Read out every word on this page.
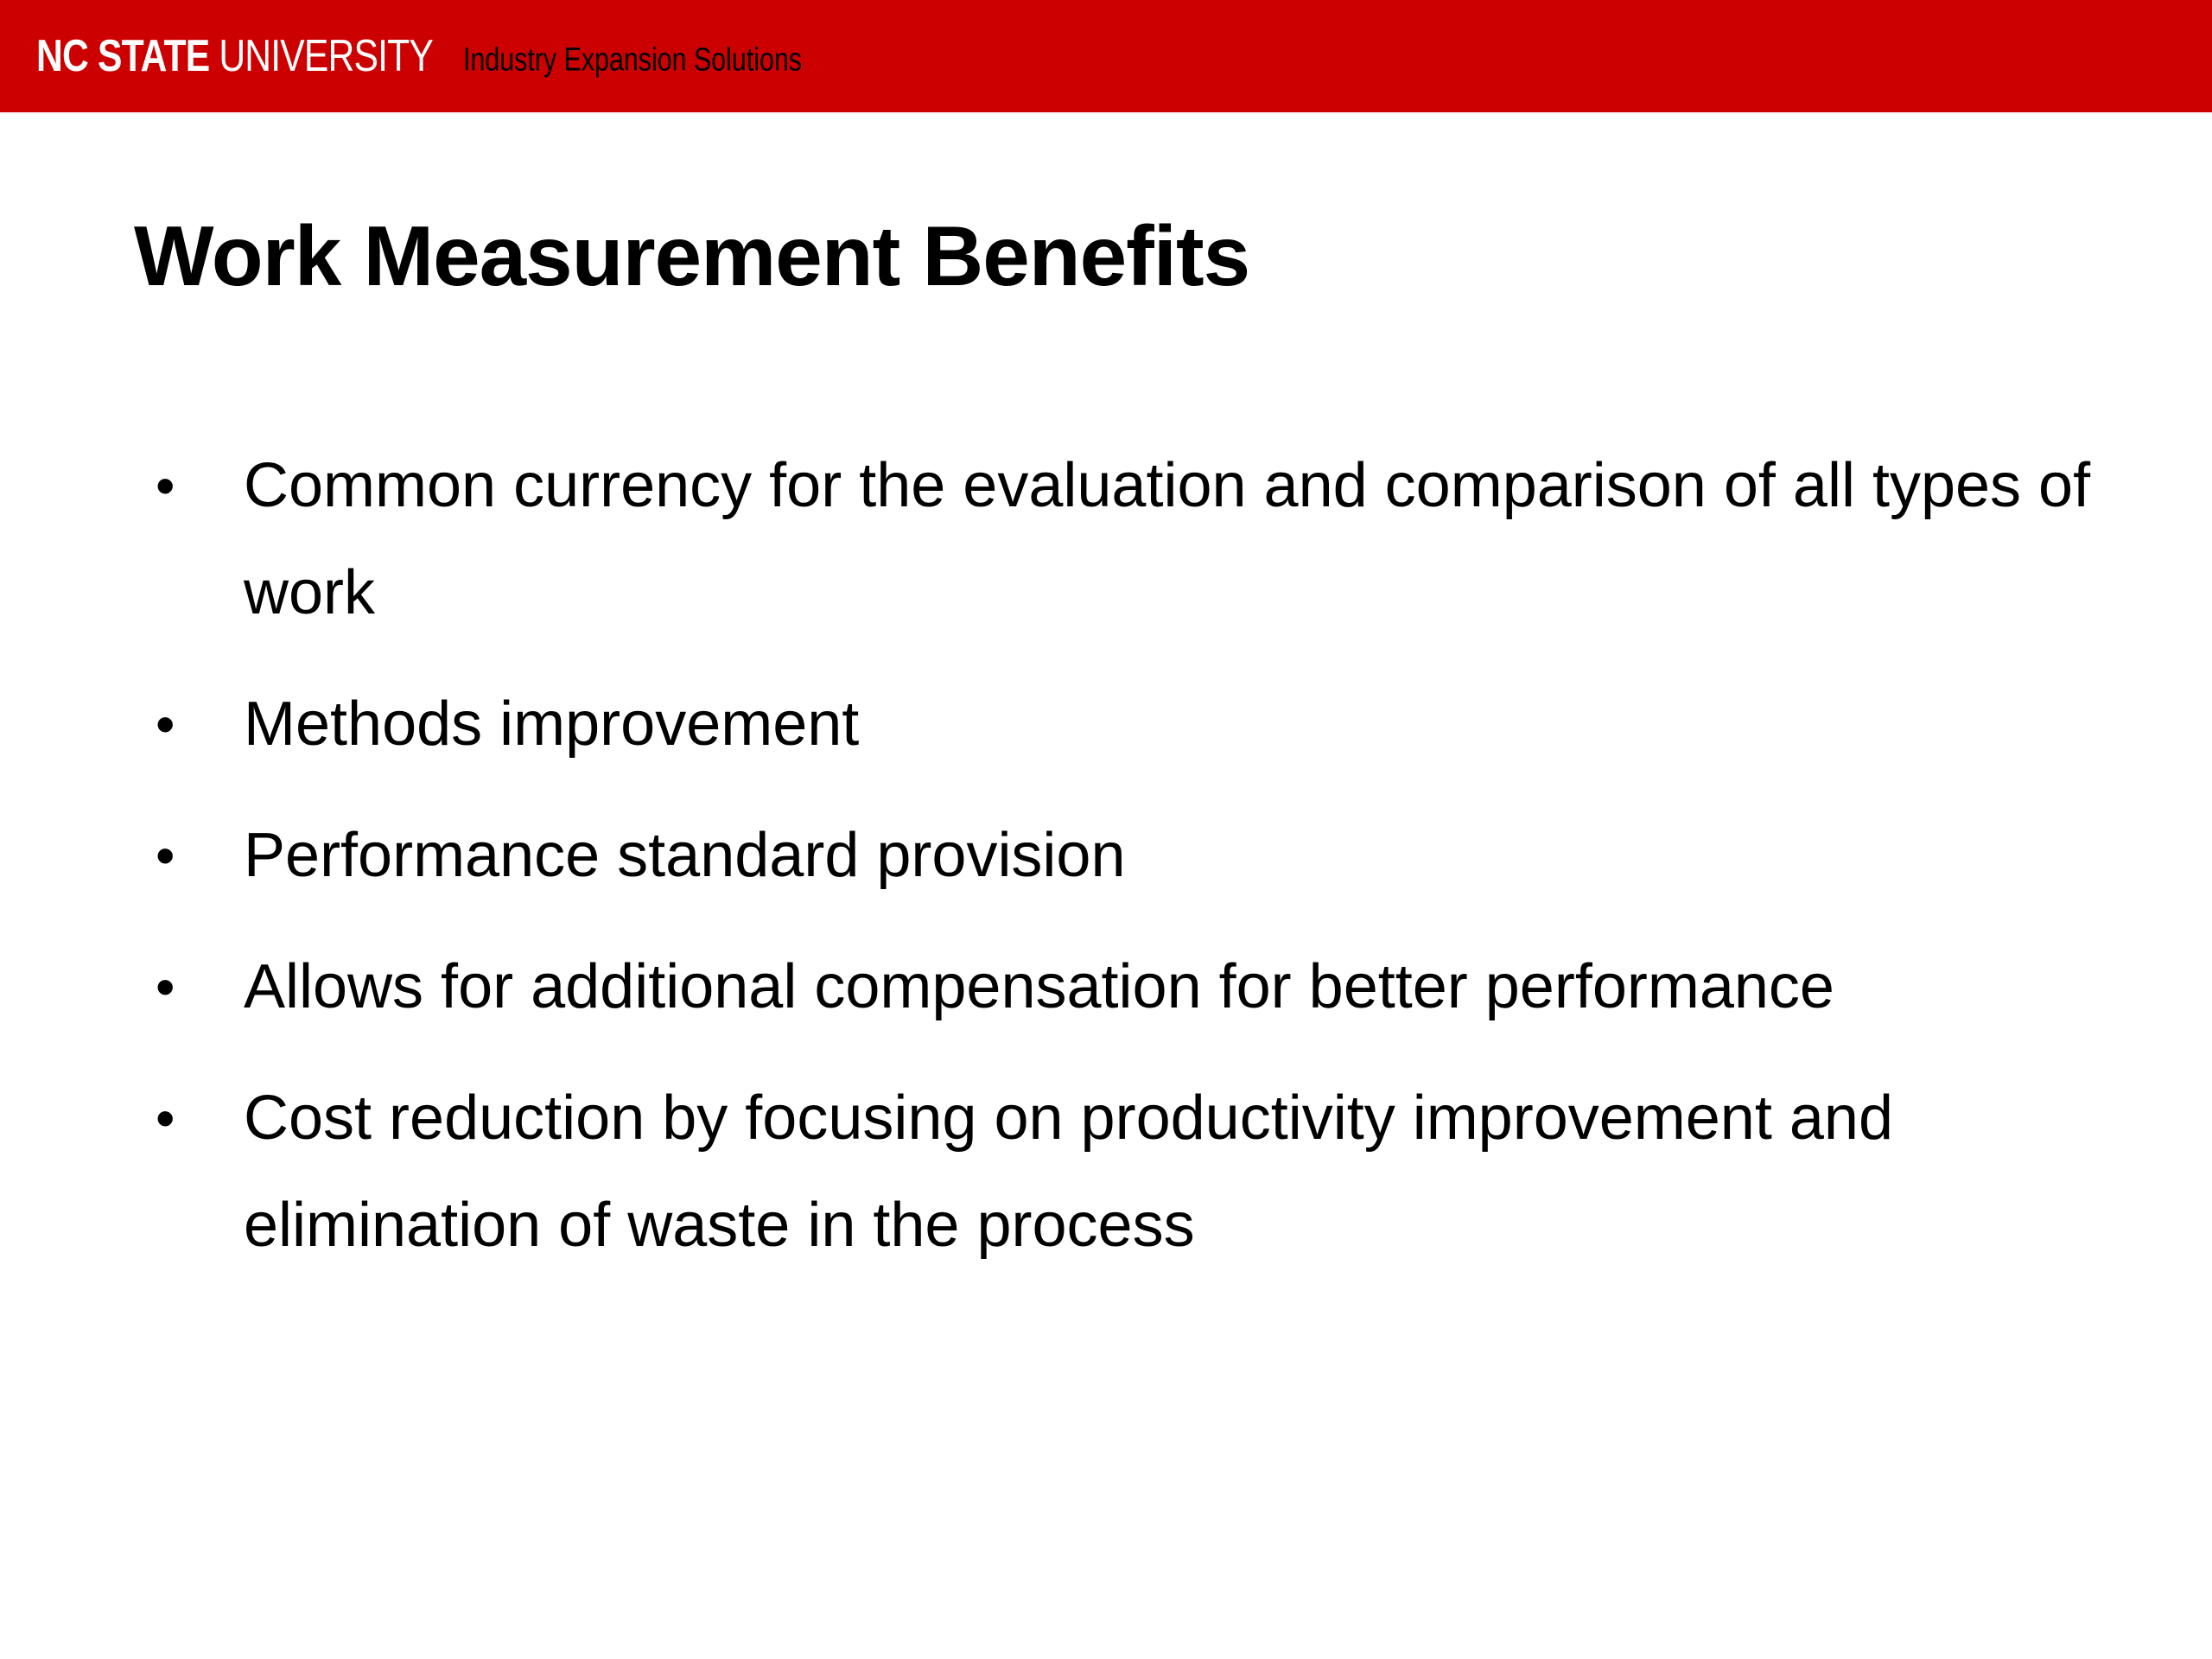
NC STATE UNIVERSITY Industry Expansion Solutions
Work Measurement Benefits
• Common currency for the evaluation and comparison of all types of work
• Methods improvement
• Performance standard provision
• Allows for additional compensation for better performance
• Cost reduction by focusing on productivity improvement and elimination of waste in the process
